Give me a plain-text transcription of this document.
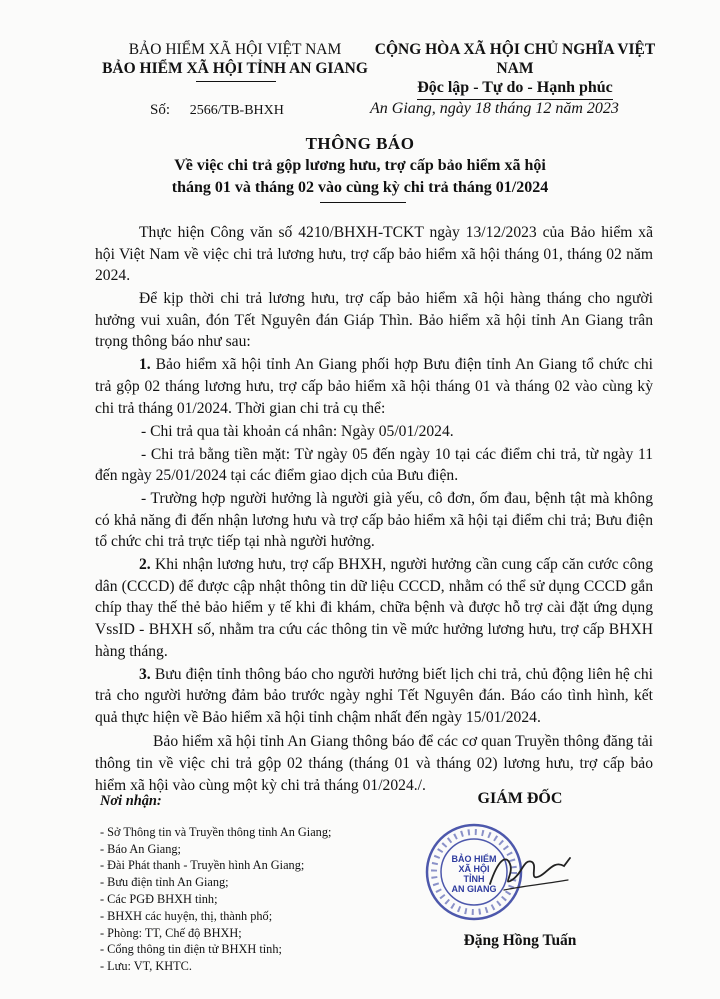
BẢO HIỂM XÃ HỘI VIỆT NAM
BẢO HIỂM XÃ HỘI TỈNH AN GIANG
CỘNG HÒA XÃ HỘI CHỦ NGHĨA VIỆT NAM
Độc lập - Tự do - Hạnh phúc
Số: 2566/TB-BHXH	An Giang, ngày 18 tháng 12 năm 2023
THÔNG BÁO
Về việc chi trả gộp lương hưu, trợ cấp bảo hiểm xã hội
tháng 01 và tháng 02 vào cùng kỳ chi trả tháng 01/2024

Thực hiện Công văn số 4210/BHXH-TCKT ngày 13/12/2023 của Bảo hiểm xã hội Việt Nam về việc chi trả lương hưu, trợ cấp bảo hiểm xã hội tháng 01, tháng 02 năm 2024.

Để kịp thời chi trả lương hưu, trợ cấp bảo hiểm xã hội hàng tháng cho người hưởng vui xuân, đón Tết Nguyên đán Giáp Thìn. Bảo hiểm xã hội tỉnh An Giang trân trọng thông báo như sau:

1. Bảo hiểm xã hội tỉnh An Giang phối hợp Bưu điện tỉnh An Giang tổ chức chi trả gộp 02 tháng lương hưu, trợ cấp bảo hiểm xã hội tháng 01 và tháng 02 vào cùng kỳ chi trả tháng 01/2024. Thời gian chi trả cụ thể:

- Chi trả qua tài khoản cá nhân: Ngày 05/01/2024.

- Chi trả bằng tiền mặt: Từ ngày 05 đến ngày 10 tại các điểm chi trả, từ ngày 11 đến ngày 25/01/2024 tại các điểm giao dịch của Bưu điện.

- Trường hợp người hưởng là người già yếu, cô đơn, ốm đau, bệnh tật mà không có khả năng đi đến nhận lương hưu và trợ cấp bảo hiểm xã hội tại điểm chi trả; Bưu điện tổ chức chi trả trực tiếp tại nhà người hưởng.

2. Khi nhận lương hưu, trợ cấp BHXH, người hưởng cần cung cấp căn cước công dân (CCCD) để được cập nhật thông tin dữ liệu CCCD, nhằm có thể sử dụng CCCD gắn chíp thay thế thẻ bảo hiểm y tế khi đi khám, chữa bệnh và được hỗ trợ cài đặt ứng dụng VssID - BHXH số, nhằm tra cứu các thông tin về mức hưởng lương hưu, trợ cấp BHXH hàng tháng.

3. Bưu điện tỉnh thông báo cho người hưởng biết lịch chi trả, chủ động liên hệ chi trả cho người hưởng đảm bảo trước ngày nghỉ Tết Nguyên đán. Báo cáo tình hình, kết quả thực hiện về Bảo hiểm xã hội tỉnh chậm nhất đến ngày 15/01/2024.

Bảo hiểm xã hội tỉnh An Giang thông báo để các cơ quan Truyền thông đăng tải thông tin về việc chi trả gộp 02 tháng (tháng 01 và tháng 02) lương hưu, trợ cấp bảo hiểm xã hội vào cùng một kỳ chi trả tháng 01/2024./.

Nơi nhận:
- Sở Thông tin và Truyền thông tỉnh An Giang;
- Báo An Giang;
- Đài Phát thanh - Truyền hình An Giang;
- Bưu điện tỉnh An Giang;
- Các PGĐ BHXH tỉnh;
- BHXH các huyện, thị, thành phố;
- Phòng: TT, Chế độ BHXH;
- Cổng thông tin điện tử BHXH tỉnh;
- Lưu: VT, KHTC.
GIÁM ĐỐC
BẢO HIỂM
XÃ HỘI
TỈNH
AN GIANG
Đặng Hồng Tuấn
